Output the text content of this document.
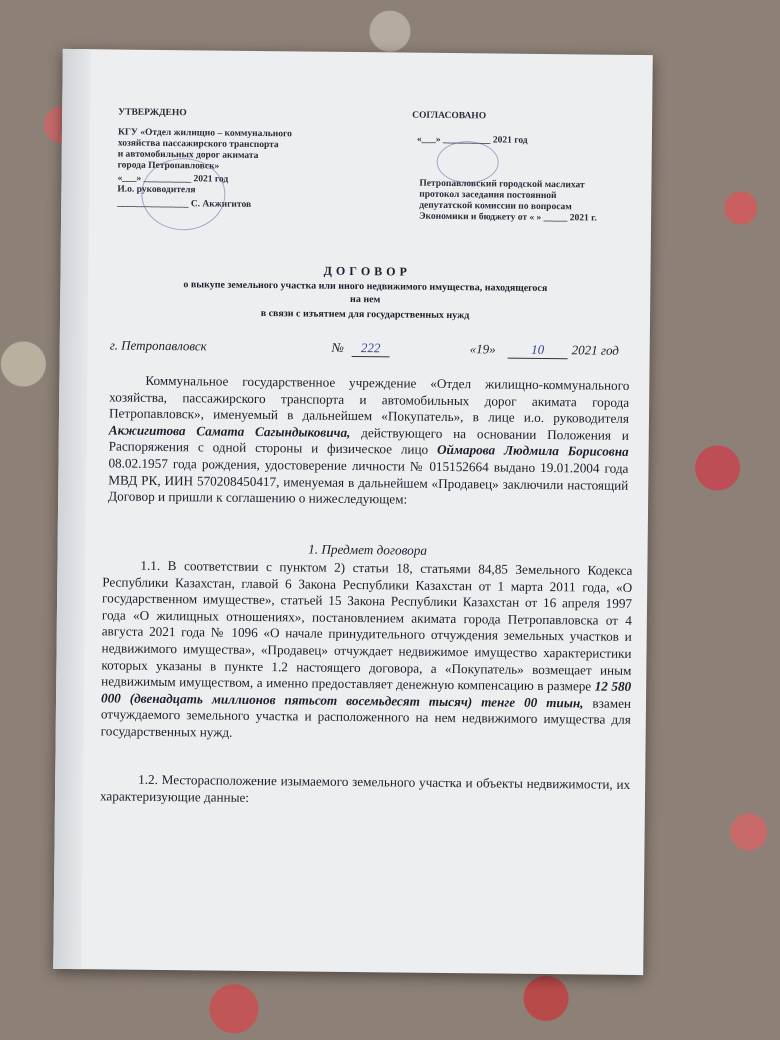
УТВЕРЖДЕНО
КГУ «Отдел жилищно – коммунального
хозяйства пассажирского транспорта
и автомобильных дорог акимата
города Петропавловск»
«___» __________ 2021 год
И.о. руководителя
_______________ С. Акжигитов
СОГЛАСОВАНО
«___» __________ 2021 год
Петропавловский городской маслихат
протокол заседания постоянной
депутатской комиссии по вопросам
Экономики и бюджету от « » _____ 2021 г.
Д О Г О В О Р
о выкупе земельного участка или иного недвижимого имущества, находящегося
на нем
в связи с изъятием для государственных нужд
г. Петропавловск	№	222	«19»	10	2021 год
Коммунальное государственное учреждение «Отдел жилищно-коммунального хозяйства, пассажирского транспорта и автомобильных дорог акимата города Петропавловск», именуемый в дальнейшем «Покупатель», в лице и.о. руководителя Акжигитова Самата Сагындыковича, действующего на основании Положения и Распоряжения с одной стороны и физическое лицо Оймарова Людмила Борисовна 08.02.1957 года рождения, удостоверение личности № 015152664 выдано 19.01.2004 года МВД РК, ИИН 570208450417, именуемая в дальнейшем «Продавец» заключили настоящий Договор и пришли к соглашению о нижеследующем:
1. Предмет договора
1.1. В соответствии с пунктом 2) статьи 18, статьями 84,85 Земельного Кодекса Республики Казахстан, главой 6 Закона Республики Казахстан от 1 марта 2011 года, «О государственном имуществе», статьей 15 Закона Республики Казахстан от 16 апреля 1997 года «О жилищных отношениях», постановлением акимата города Петропавловска от 4 августа 2021 года № 1096 «О начале принудительного отчуждения земельных участков и недвижимого имущества», «Продавец» отчуждает недвижимое имущество характеристики которых указаны в пункте 1.2 настоящего договора, а «Покупатель» возмещает иным недвижимым имуществом, а именно предоставляет денежную компенсацию в размере 12 580 000 (двенадцать миллионов пятьсот восемьдесят тысяч) тенге 00 тиын, взамен отчуждаемого земельного участка и расположенного на нем недвижимого имущества для государственных нужд.
1.2. Месторасположение изымаемого земельного участка и объекты недвижимости, их характеризующие данные:
